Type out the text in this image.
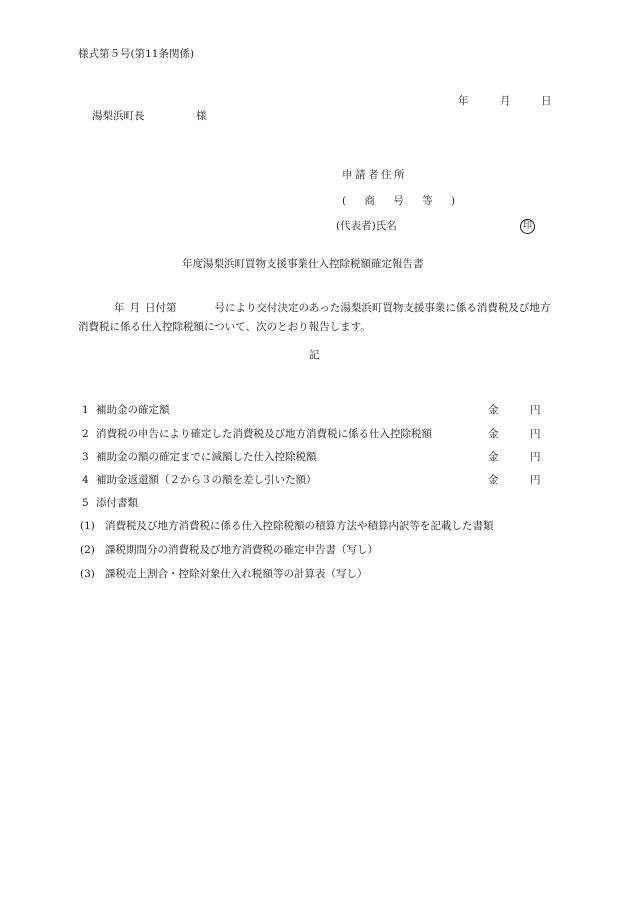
様式第５号(第11条関係)
年	月	日
湯梨浜町長	様
申請者住所
( 商 号 等 )
(代表者)氏名	印
年度湯梨浜町買物支援事業仕入控除税額確定報告書
年 月 日付第	号により交付決定のあった湯梨浜町買物支援事業に係る消費税及び地方消費税に係る仕入控除税額について、次のとおり報告します。
記
1 補助金の確定額	金	円
2 消費税の申告により確定した消費税及び地方消費税に係る仕入控除税額	金	円
3 補助金の額の確定までに減額した仕入控除税額	金	円
4 補助金返還額（２から３の額を差し引いた額）	金	円
5 添付書類
(1) 消費税及び地方消費税に係る仕入控除税額の積算方法や積算内訳等を記載した書類
(2) 課税期間分の消費税及び地方消費税の確定申告書（写し）
(3) 課税売上割合・控除対象仕入れ税額等の計算表（写し）
